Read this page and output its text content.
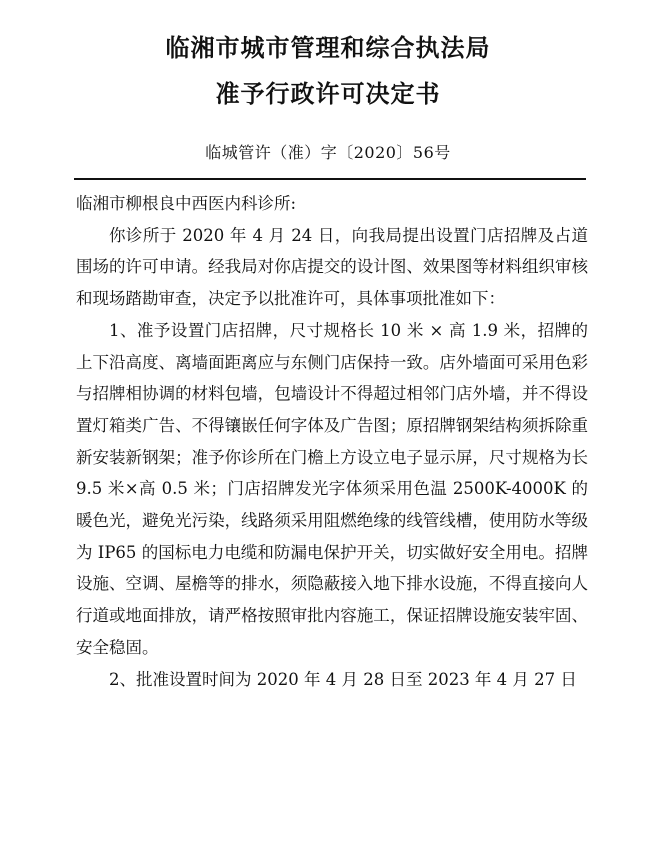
临湘市城市管理和综合执法局
准予行政许可决定书
临城管许（准）字〔2020〕56号

临湘市柳根良中西医内科诊所:

你诊所于 2020 年 4 月 24 日，向我局提出设置门店招牌及占道围场的许可申请。经我局对你店提交的设计图、效果图等材料组织审核和现场踏勘审查，决定予以批准许可，具体事项批准如下：

1、准予设置门店招牌，尺寸规格长 10 米 × 高 1.9 米，招牌的上下沿高度、离墙面距离应与东侧门店保持一致。店外墙面可采用色彩与招牌相协调的材料包墙，包墙设计不得超过相邻门店外墙，并不得设置灯箱类广告、不得镶嵌任何字体及广告图；原招牌钢架结构须拆除重新安装新钢架；准予你诊所在门檐上方设立电子显示屏，尺寸规格为长 9.5 米×高 0.5 米；门店招牌发光字体须采用色温 2500K-4000K 的暖色光，避免光污染，线路须采用阻燃绝缘的线管线槽，使用防水等级为 IP65 的国标电力电缆和防漏电保护开关，切实做好安全用电。招牌设施、空调、屋檐等的排水，须隐蔽接入地下排水设施，不得直接向人行道或地面排放，请严格按照审批内容施工，保证招牌设施安装牢固、安全稳固。

2、批准设置时间为 2020 年 4 月 28 日至 2023 年 4 月 27 日
